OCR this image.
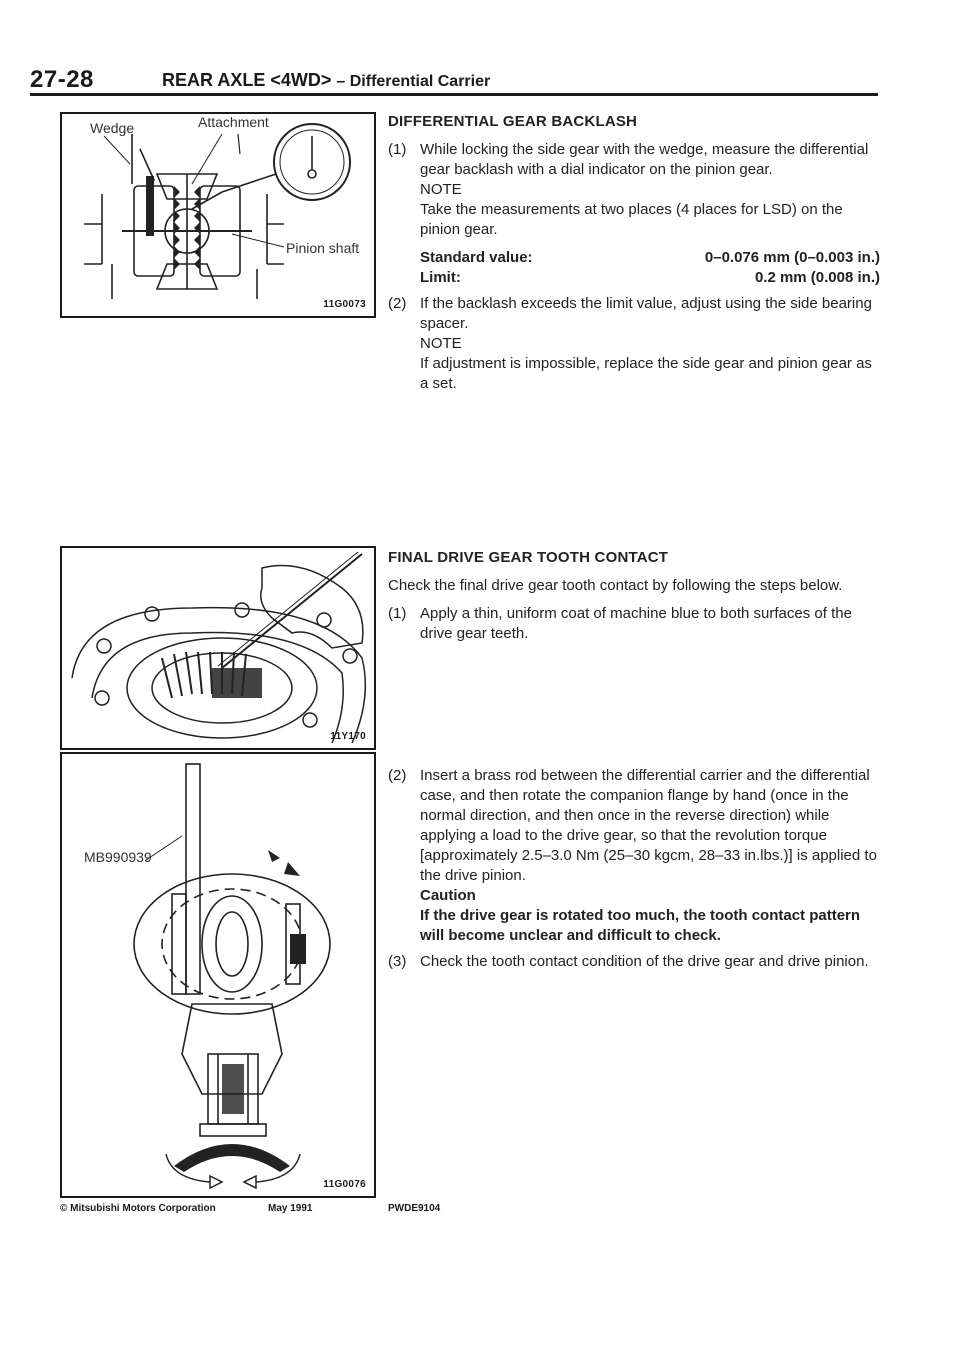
27-28	REAR AXLE <4WD> – Differential Carrier
Wedge	Attachment
Pinion shaft
11G0073
11Y170
MB990939
11G0076
DIFFERENTIAL GEAR BACKLASH
(1) While locking the side gear with the wedge, measure the differential gear backlash with a dial indicator on the pinion gear.

NOTE

Take the measurements at two places (4 places for LSD) on the pinion gear.

Standard value:	0–0.076 mm (0–0.003 in.)
Limit:	0.2 mm (0.008 in.)
(2) If the backlash exceeds the limit value, adjust using the side bearing spacer.

NOTE

If adjustment is impossible, replace the side gear and pinion gear as a set.

FINAL DRIVE GEAR TOOTH CONTACT

Check the final drive gear tooth contact by following the steps below.

(1) Apply a thin, uniform coat of machine blue to both surfaces of the drive gear teeth.

(2) Insert a brass rod between the differential carrier and the differential case, and then rotate the companion flange by hand (once in the normal direction, and then once in the reverse direction) while applying a load to the drive gear, so that the revolution torque [approximately 2.5–3.0 Nm (25–30 kgcm, 28–33 in.lbs.)] is applied to the drive pinion.

Caution

If the drive gear is rotated too much, the tooth contact pattern will become unclear and difficult to check.

(3) Check the tooth contact condition of the drive gear and drive pinion.

© Mitsubishi Motors Corporation	May 1991	PWDE9104
